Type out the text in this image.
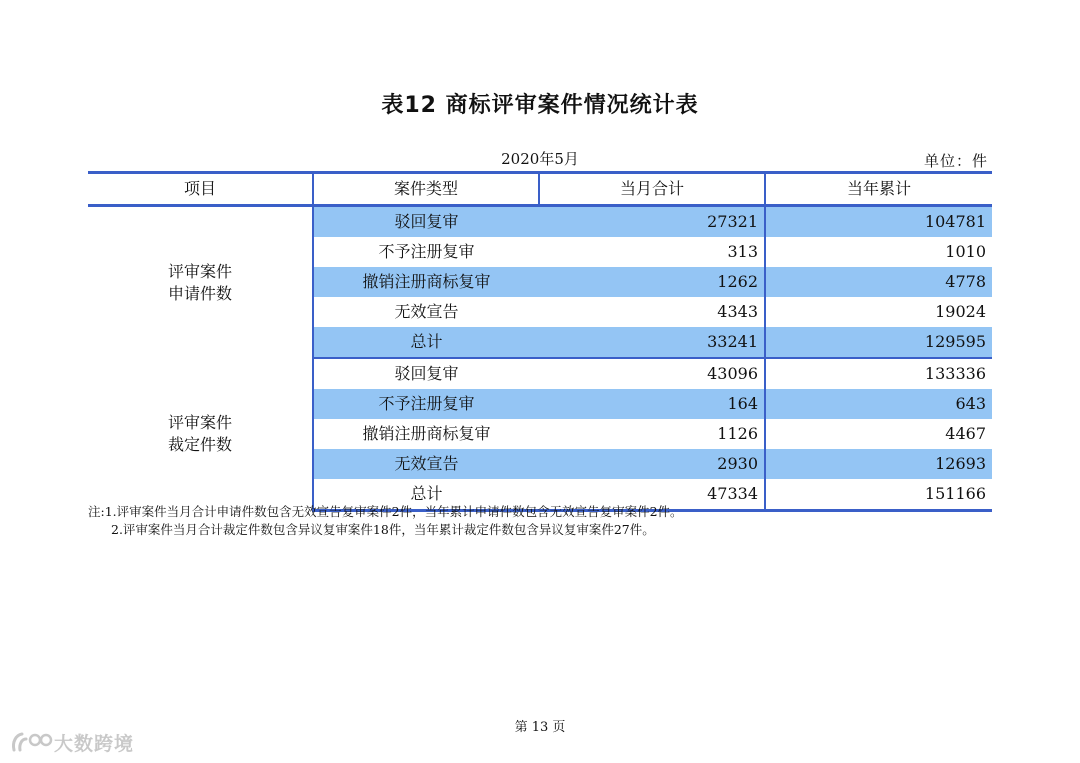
表12 商标评审案件情况统计表
2020年5月	单位：件
项目	案件类型	当月合计	当年累计

评审案件
申请件数	驳回复审	27321	104781
	不予注册复审	313	1010
	撤销注册商标复审	1262	4778
	无效宣告	4343	19024
	总计	33241	129595

评审案件
裁定件数	驳回复审	43096	133336
	不予注册复审	164	643
	撤销注册商标复审	1126	4467
	无效宣告	2930	12693
	总计	47334	151166
注:1.评审案件当月合计申请件数包含无效宣告复审案件2件，当年累计申请件数包含无效宣告复审案件2件。
2.评审案件当月合计裁定件数包含异议复审案件18件，当年累计裁定件数包含异议复审案件27件。
第 13 页
大数跨境
